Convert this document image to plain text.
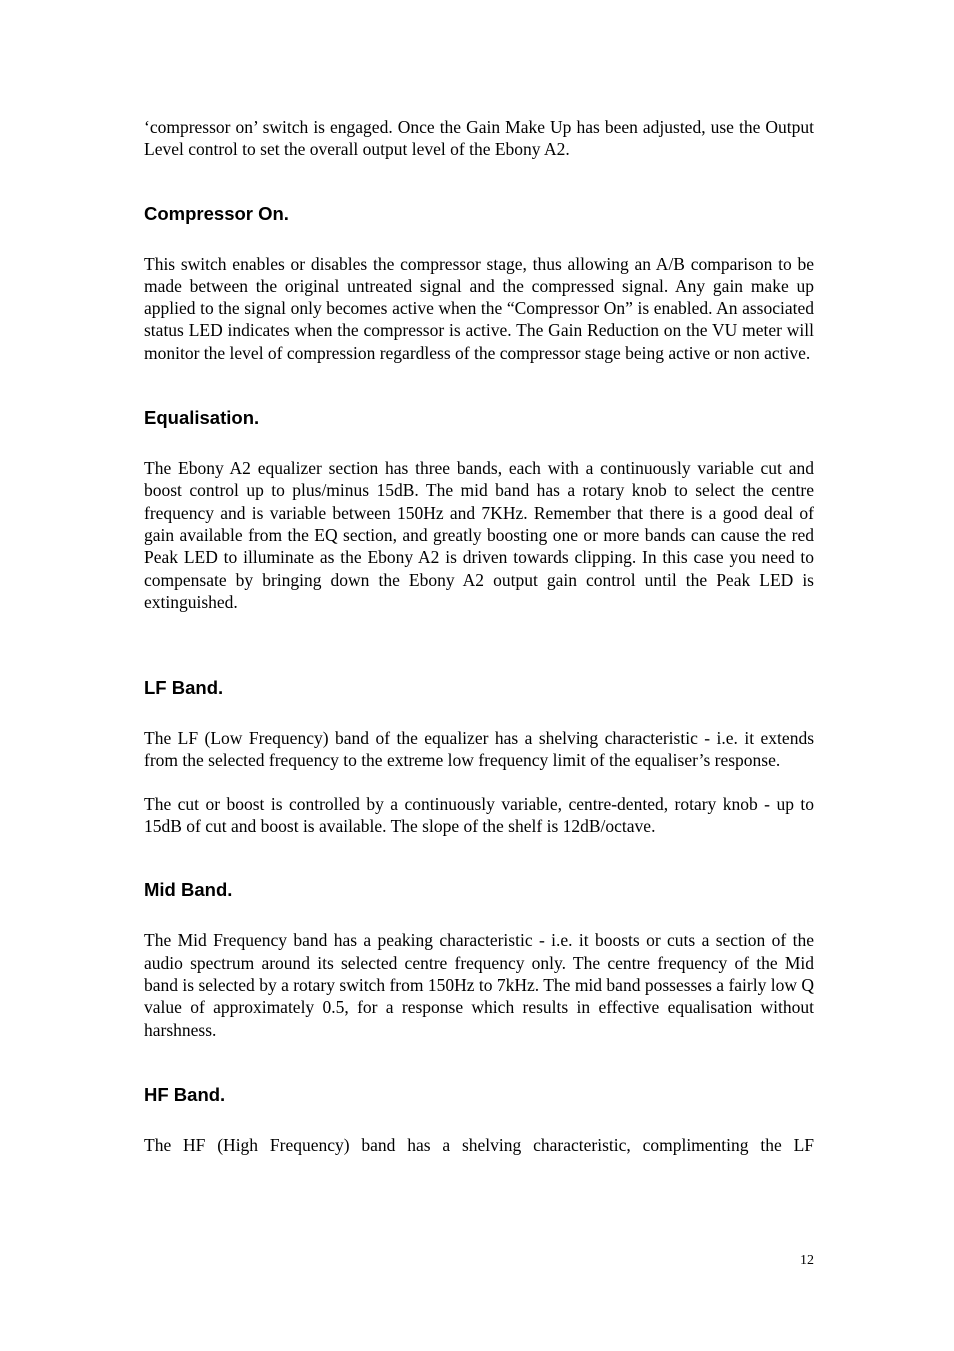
‘compressor on’ switch is engaged. Once the Gain Make Up has been adjusted, use the Output Level control to set the overall output level of the Ebony A2.

Compressor On.

This switch enables or disables the compressor stage, thus allowing an A/B comparison to be made between the original untreated signal and the compressed signal. Any gain make up applied to the signal only becomes active when the “Compressor On” is enabled. An associated status LED indicates when the compressor is active. The Gain Reduction on the VU meter will monitor the level of compression regardless of the compressor stage being active or non active.

Equalisation.

The Ebony A2 equalizer section has three bands, each with a continuously variable cut and boost control up to plus/minus 15dB. The mid band has a rotary knob to select the centre frequency and is variable between 150Hz and 7KHz. Remember that there is a good deal of gain available from the EQ section, and greatly boosting one or more bands can cause the red Peak LED to illuminate as the Ebony A2 is driven towards clipping. In this case you need to compensate by bringing down the Ebony A2 output gain control until the Peak LED is extinguished.

LF Band.

The LF (Low Frequency) band of the equalizer has a shelving characteristic - i.e. it extends from the selected frequency to the extreme low frequency limit of the equaliser’s response.

The cut or boost is controlled by a continuously variable, centre-dented, rotary knob - up to 15dB of cut and boost is available. The slope of the shelf is 12dB/octave.

Mid Band.

The Mid Frequency band has a peaking characteristic - i.e. it boosts or cuts a section of the audio spectrum around its selected centre frequency only. The centre frequency of the Mid band is selected by a rotary switch from 150Hz to 7kHz. The mid band possesses a fairly low Q value of approximately 0.5, for a response which results in effective equalisation without harshness.

HF Band.

The HF (High Frequency) band has a shelving characteristic, complimenting the LF

12
